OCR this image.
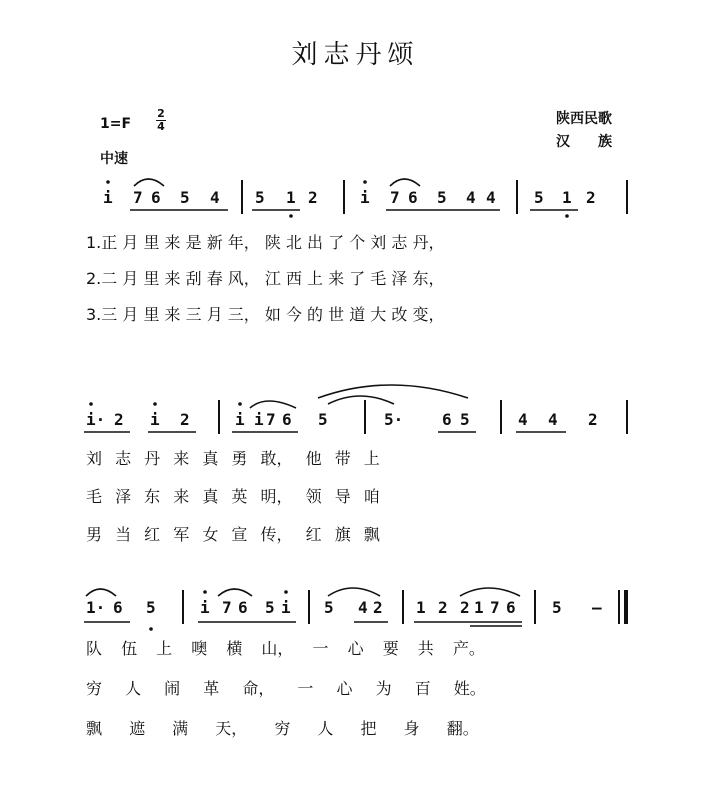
刘志丹颂
1=F
2
4
中速
陕西民歌
汉　　族
i 7 6 5 4 5 1 2	i 7 6 5 4 4 5 1 2
1.正 月 里 来 是 新 年， 陕 北 出 了 个 刘 志 丹，
2.二 月 里 来 刮 春 风， 江 西 上 来 了 毛 泽 东，
3.三 月 里 来 三 月 三， 如 今 的 世 道 大 改 变，
i· 2 i 2	i i 7 6 5	5· 6 5	4 4 2
刘 志 丹 来 真 勇 敢， 他 带 上
毛 泽 东 来 真 英 明， 领 导 咱
男 当 红 军 女 宣 传， 红 旗 飘
1· 6 5	i 7 6 5 i 5 4 2 1 2 2 1 7 6 5 –
队 伍 上 噢 横 山， 一 心 要 共 产。
穷 人 闹 革 命， 一 心 为 百 姓。
飘 遮 满 天， 穷 人 把 身 翻。
